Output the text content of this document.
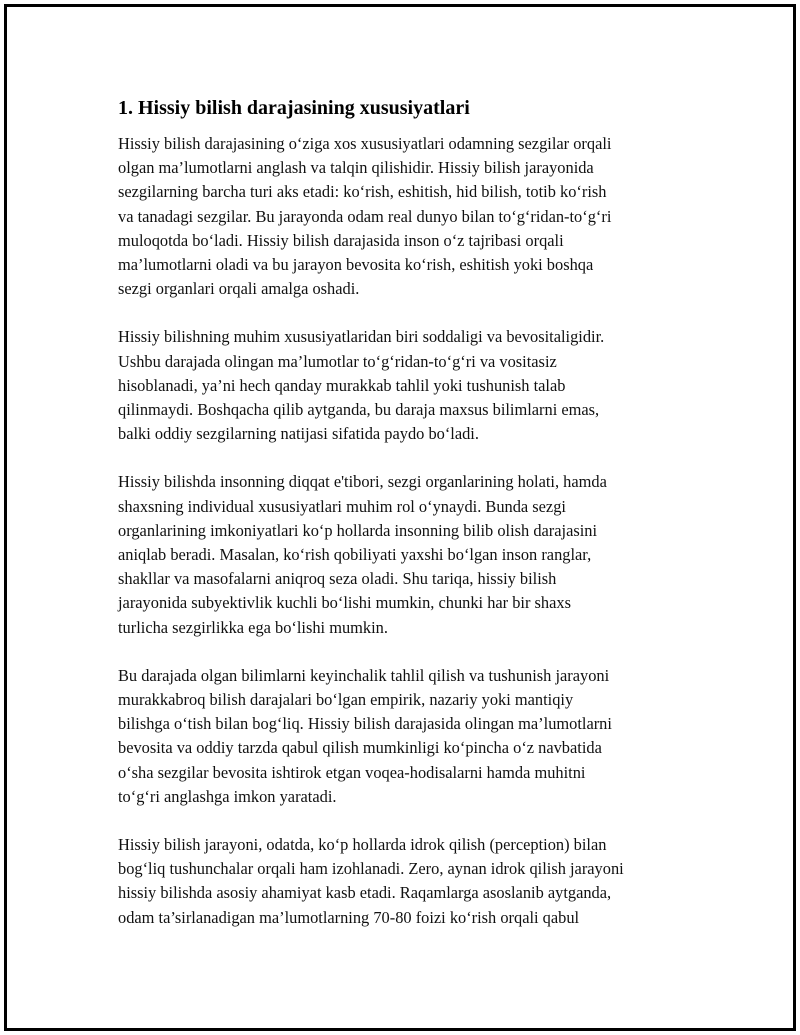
1. Hissiy bilish darajasining xususiyatlari

Hissiy bilish darajasining o‘ziga xos xususiyatlari odamning sezgilar orqali
olgan ma’lumotlarni anglash va talqin qilishidir. Hissiy bilish jarayonida
sezgilarning barcha turi aks etadi: ko‘rish, eshitish, hid bilish, totib ko‘rish
va tanadagi sezgilar. Bu jarayonda odam real dunyo bilan to‘g‘ridan-to‘g‘ri
muloqotda bo‘ladi. Hissiy bilish darajasida inson o‘z tajribasi orqali
ma’lumotlarni oladi va bu jarayon bevosita ko‘rish, eshitish yoki boshqa
sezgi organlari orqali amalga oshadi.

Hissiy bilishning muhim xususiyatlaridan biri soddaligi va bevositaligidir.
Ushbu darajada olingan ma’lumotlar to‘g‘ridan-to‘g‘ri va vositasiz
hisoblanadi, ya’ni hech qanday murakkab tahlil yoki tushunish talab
qilinmaydi. Boshqacha qilib aytganda, bu daraja maxsus bilimlarni emas,
balki oddiy sezgilarning natijasi sifatida paydo bo‘ladi.

Hissiy bilishda insonning diqqat e'tibori, sezgi organlarining holati, hamda
shaxsning individual xususiyatlari muhim rol o‘ynaydi. Bunda sezgi
organlarining imkoniyatlari ko‘p hollarda insonning bilib olish darajasini
aniqlab beradi. Masalan, ko‘rish qobiliyati yaxshi bo‘lgan inson ranglar,
shakllar va masofalarni aniqroq seza oladi. Shu tariqa, hissiy bilish
jarayonida subyektivlik kuchli bo‘lishi mumkin, chunki har bir shaxs
turlicha sezgirlikka ega bo‘lishi mumkin.

Bu darajada olgan bilimlarni keyinchalik tahlil qilish va tushunish jarayoni
murakkabroq bilish darajalari bo‘lgan empirik, nazariy yoki mantiqiy
bilishga o‘tish bilan bog‘liq. Hissiy bilish darajasida olingan ma’lumotlarni
bevosita va oddiy tarzda qabul qilish mumkinligi ko‘pincha o‘z navbatida
o‘sha sezgilar bevosita ishtirok etgan voqea-hodisalarni hamda muhitni
to‘g‘ri anglashga imkon yaratadi.

Hissiy bilish jarayoni, odatda, ko‘p hollarda idrok qilish (perception) bilan
bog‘liq tushunchalar orqali ham izohlanadi. Zero, aynan idrok qilish jarayoni
hissiy bilishda asosiy ahamiyat kasb etadi. Raqamlarga asoslanib aytganda,
odam ta’sirlanadigan ma’lumotlarning 70-80 foizi ko‘rish orqali qabul
